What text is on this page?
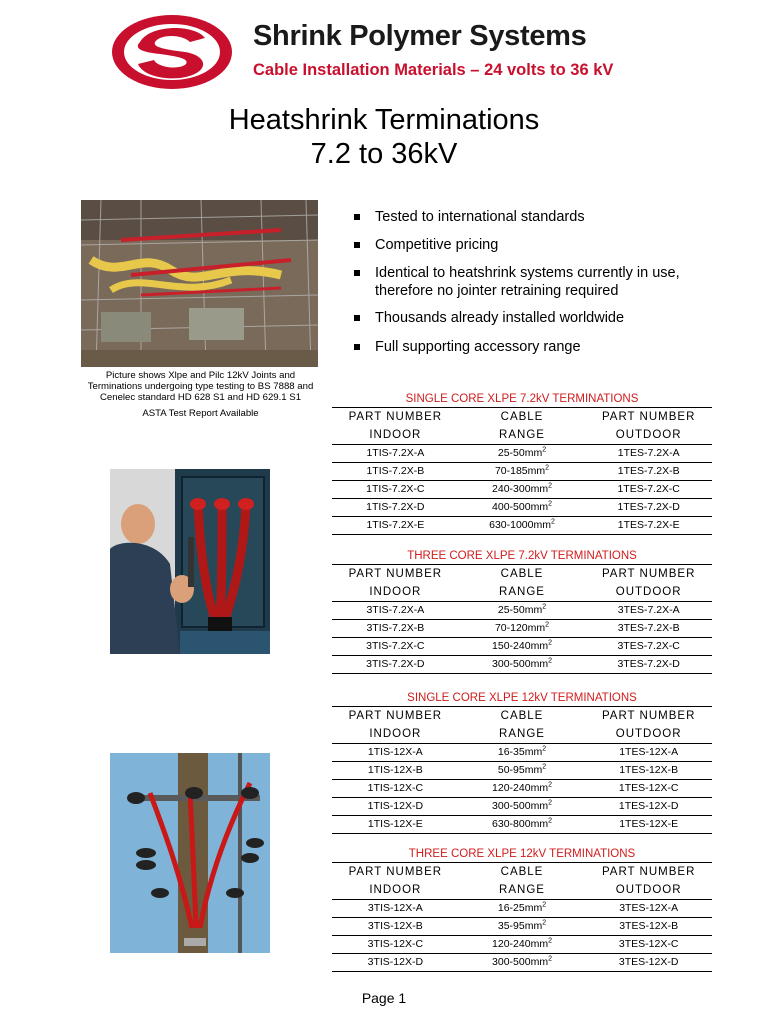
Shrink Polymer Systems
Cable Installation Materials – 24 volts to 36 kV
Heatshrink Terminations
7.2 to 36kV
Picture shows Xlpe and Pilc 12kV Joints and Terminations undergoing type testing to BS 7888 and Cenelec standard HD 628 S1 and HD 629.1 S1
ASTA Test Report Available
Tested to international standards
Competitive pricing
Identical to heatshrink systems currently in use,
therefore no jointer retraining required
Thousands already installed worldwide
Full supporting accessory range
SINGLE CORE XLPE 7.2kV TERMINATIONS
PART NUMBER	CABLE	PART NUMBER
INDOOR	RANGE	OUTDOOR
1TIS-7.2X-A	$25-50mm^2$	1TES-7.2X-A
1TIS-7.2X-B	$70-185mm^2$	1TES-7.2X-B
1TIS-7.2X-C	$240-300mm^2$	1TES-7.2X-C
1TIS-7.2X-D	$400-500mm^2$	1TES-7.2X-D
1TIS-7.2X-E	$630-1000mm^2$	1TES-7.2X-E
THREE CORE XLPE 7.2kV TERMINATIONS
PART NUMBER	CABLE	PART NUMBER
INDOOR	RANGE	OUTDOOR
3TIS-7.2X-A	$25-50mm^2$	3TES-7.2X-A
3TIS-7.2X-B	$70-120mm^2$	3TES-7.2X-B
3TIS-7.2X-C	$150-240mm^2$	3TES-7.2X-C
3TIS-7.2X-D	$300-500mm^2$	3TES-7.2X-D
SINGLE CORE XLPE 12kV TERMINATIONS
PART NUMBER	CABLE	PART NUMBER
INDOOR	RANGE	OUTDOOR
1TIS-12X-A	$16-35mm^2$	1TES-12X-A
1TIS-12X-B	$50-95mm^2$	1TES-12X-B
1TIS-12X-C	$120-240mm^2$	1TES-12X-C
1TIS-12X-D	$300-500mm^2$	1TES-12X-D
1TIS-12X-E	$630-800mm^2$	1TES-12X-E
THREE CORE XLPE 12kV TERMINATIONS
PART NUMBER	CABLE	PART NUMBER
INDOOR	RANGE	OUTDOOR
3TIS-12X-A	$16-25mm^2$	3TES-12X-A
3TIS-12X-B	$35-95mm^2$	3TES-12X-B
3TIS-12X-C	$120-240mm^2$	3TES-12X-C
3TIS-12X-D	$300-500mm^2$	3TES-12X-D
Page 1
